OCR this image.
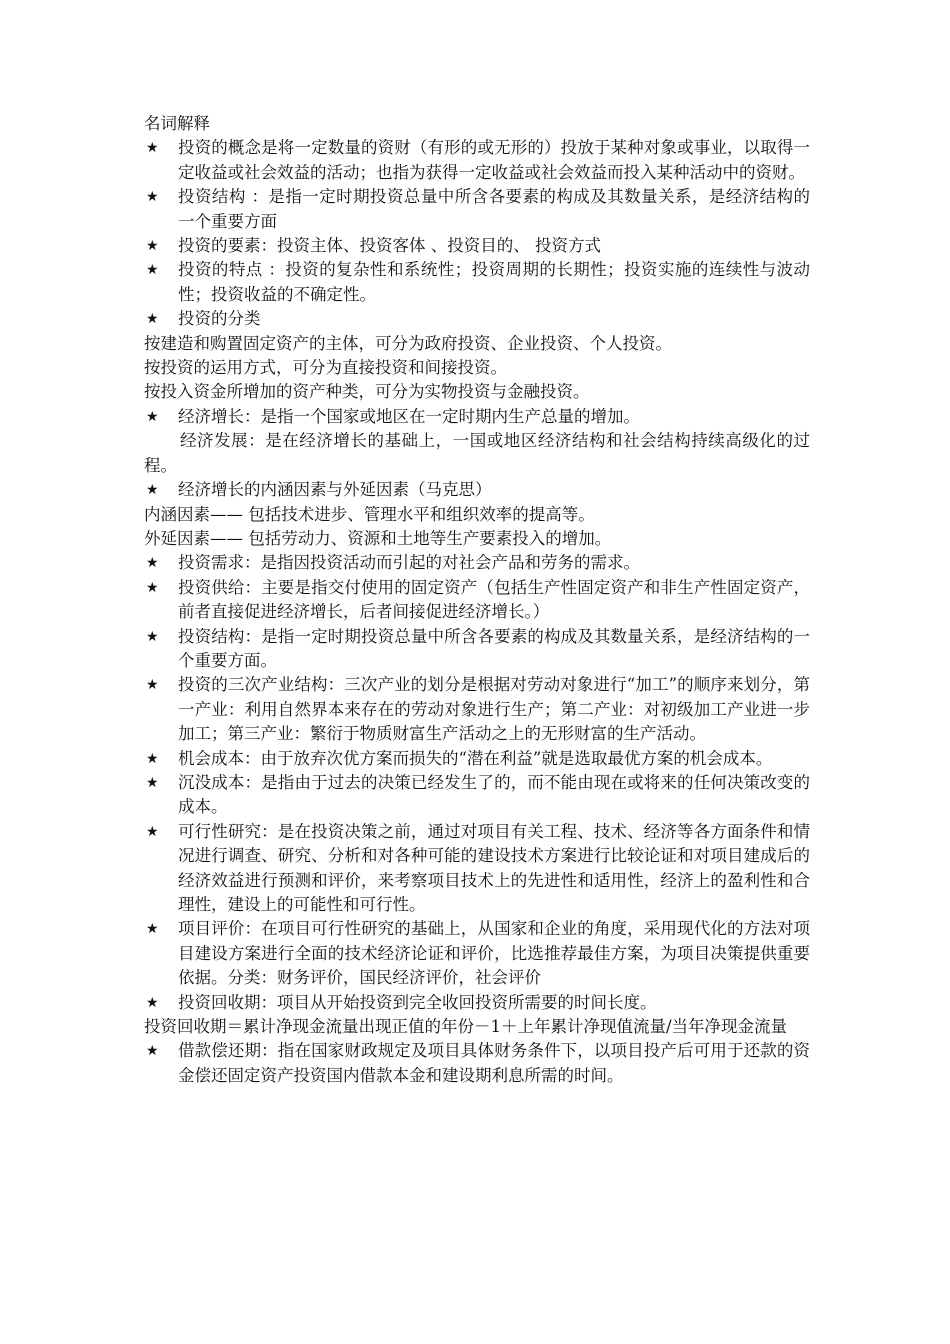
名词解释
★ 投资的概念是将一定数量的资财（有形的或无形的）投放于某种对象或事业，以取得一定收益或社会效益的活动；也指为获得一定收益或社会效益而投入某种活动中的资财。
★ 投资结构 ：是指一定时期投资总量中所含各要素的构成及其数量关系，是经济结构的一个重要方面
★ 投资的要素：投资主体、投资客体 、投资目的、 投资方式
★ 投资的特点 ：投资的复杂性和系统性；投资周期的长期性；投资实施的连续性与波动性；投资收益的不确定性。
★ 投资的分类
按建造和购置固定资产的主体，可分为政府投资、企业投资、个人投资。
按投资的运用方式，可分为直接投资和间接投资。
按投入资金所增加的资产种类，可分为实物投资与金融投资。
★ 经济增长：是指一个国家或地区在一定时期内生产总量的增加。
经济发展：是在经济增长的基础上，一国或地区经济结构和社会结构持续高级化的过程。
★ 经济增长的内涵因素与外延因素（马克思）
内涵因素—— 包括技术进步、管理水平和组织效率的提高等。
外延因素—— 包括劳动力、资源和土地等生产要素投入的增加。
★ 投资需求：是指因投资活动而引起的对社会产品和劳务的需求。
★ 投资供给：主要是指交付使用的固定资产（包括生产性固定资产和非生产性固定资产，前者直接促进经济增长，后者间接促进经济增长。）
★ 投资结构：是指一定时期投资总量中所含各要素的构成及其数量关系，是经济结构的一个重要方面。
★ 投资的三次产业结构：三次产业的划分是根据对劳动对象进行“加工”的顺序来划分，第一产业：利用自然界本来存在的劳动对象进行生产；第二产业：对初级加工产业进一步加工；第三产业：繁衍于物质财富生产活动之上的无形财富的生产活动。
★ 机会成本：由于放弃次优方案而损失的“潜在利益”就是选取最优方案的机会成本。
★ 沉没成本：是指由于过去的决策已经发生了的，而不能由现在或将来的任何决策改变的成本。
★ 可行性研究：是在投资决策之前，通过对项目有关工程、技术、经济等各方面条件和情况进行调查、研究、分析和对各种可能的建设技术方案进行比较论证和对项目建成后的经济效益进行预测和评价，来考察项目技术上的先进性和适用性，经济上的盈利性和合理性，建设上的可能性和可行性。
★ 项目评价：在项目可行性研究的基础上，从国家和企业的角度，采用现代化的方法对项目建设方案进行全面的技术经济论证和评价，比选推荐最佳方案，为项目决策提供重要依据。分类：财务评价，国民经济评价，社会评价
★ 投资回收期：项目从开始投资到完全收回投资所需要的时间长度。
投资回收期＝累计净现金流量出现正值的年份－1＋上年累计净现值流量/当年净现金流量
★ 借款偿还期：指在国家财政规定及项目具体财务条件下，以项目投产后可用于还款的资金偿还固定资产投资国内借款本金和建设期利息所需的时间。
